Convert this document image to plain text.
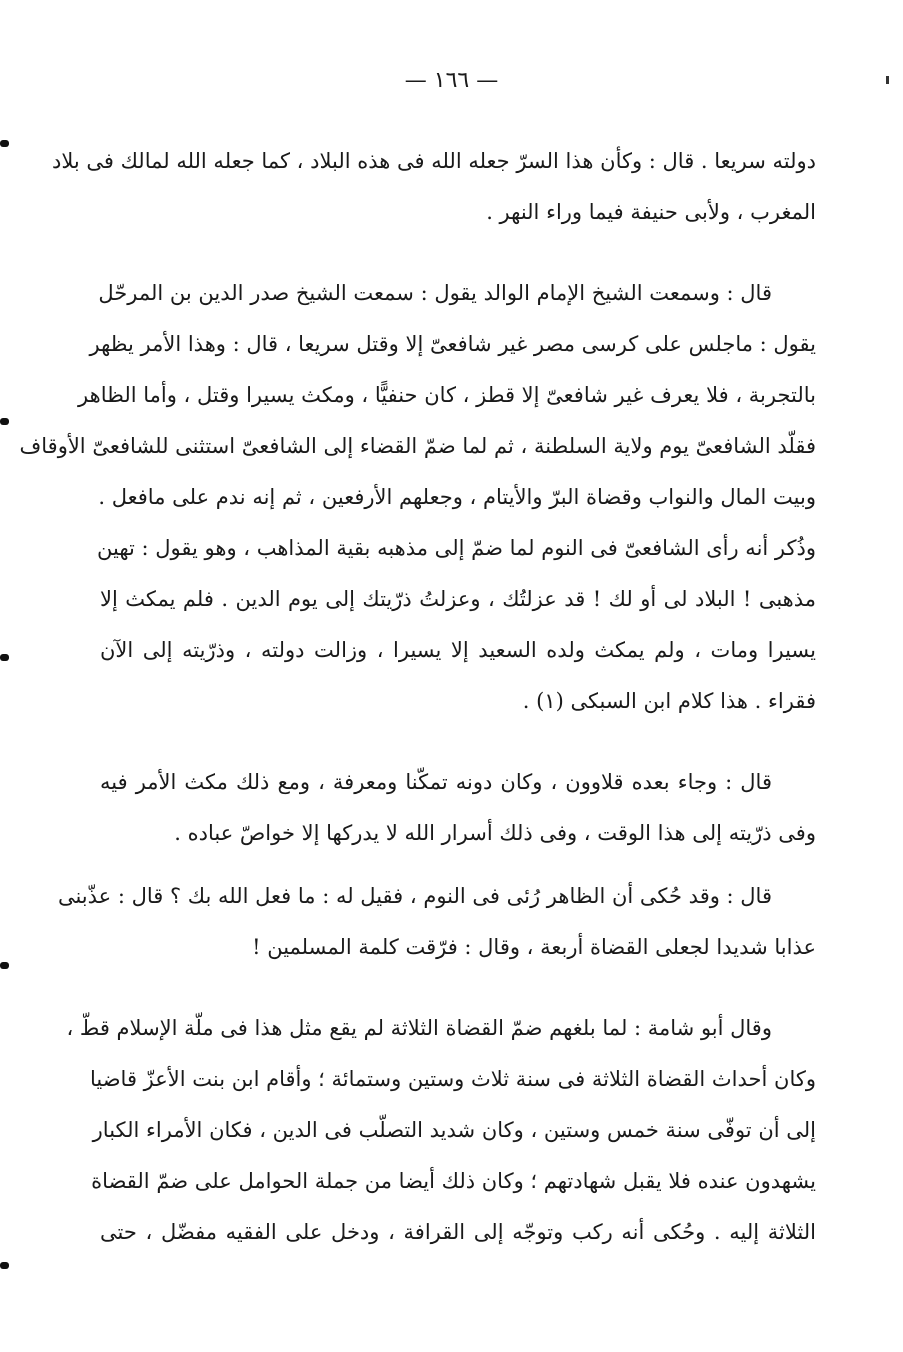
— ١٦٦ —
دولته سريعا . قال : وكأن هذا السرّ جعله الله فى هذه البلاد ، كما جعله الله لمالك فى بلاد
المغرب ، ولأبى حنيفة فيما وراء النهر .
قال : وسمعت الشيخ الإمام الوالد يقول : سمعت الشيخ صدر الدين بن المرحّل
يقول : ماجلس على كرسى مصر غير شافعىّ إلا وقتل سريعا ، قال : وهذا الأمر يظهر
بالتجربة ، فلا يعرف غير شافعىّ إلا قطز ، كان حنفيًّا ، ومكث يسيرا وقتل ، وأما الظاهر
فقلّد الشافعىّ يوم ولاية السلطنة ، ثم لما ضمّ القضاء إلى الشافعىّ استثنى للشافعىّ الأوقاف
وبيت المال والنواب وقضاة البرّ والأيتام ، وجعلهم الأرفعين ، ثم إنه ندم على مافعل .
وذُكر أنه رأى الشافعىّ فى النوم لما ضمّ إلى مذهبه بقية المذاهب ، وهو يقول : تهين
مذهبى ! البلاد لى أو لك ! قد عزلتُك ، وعزلتُ ذرّيتك إلى يوم الدين . فلم يمكث إلا
يسيرا ومات ، ولم يمكث ولده السعيد إلا يسيرا ، وزالت دولته ، وذرّيته إلى الآن
فقراء . هذا كلام ابن السبكى (١) .
قال : وجاء بعده قلاوون ، وكان دونه تمكّنا ومعرفة ، ومع ذلك مكث الأمر فيه
وفى ذرّيته إلى هذا الوقت ، وفى ذلك أسرار الله لا يدركها إلا خواصّ عباده .
قال : وقد حُكى أن الظاهر رُئى فى النوم ، فقيل له : ما فعل الله بك ؟ قال : عذّبنى
عذابا شديدا لجعلى القضاة أربعة ، وقال : فرّقت كلمة المسلمين !
وقال أبو شامة : لما بلغهم ضمّ القضاة الثلاثة لم يقع مثل هذا فى ملّة الإسلام قطّ ،
وكان أحداث القضاة الثلاثة فى سنة ثلاث وستين وستمائة ؛ وأقام ابن بنت الأعزّ قاضيا
إلى أن توفّى سنة خمس وستين ، وكان شديد التصلّب فى الدين ، فكان الأمراء الكبار
يشهدون عنده فلا يقبل شهادتهم ؛ وكان ذلك أيضا من جملة الحوامل على ضمّ القضاة
الثلاثة إليه . وحُكى أنه ركب وتوجّه إلى القرافة ، ودخل على الفقيه مفضّل ، حتى
